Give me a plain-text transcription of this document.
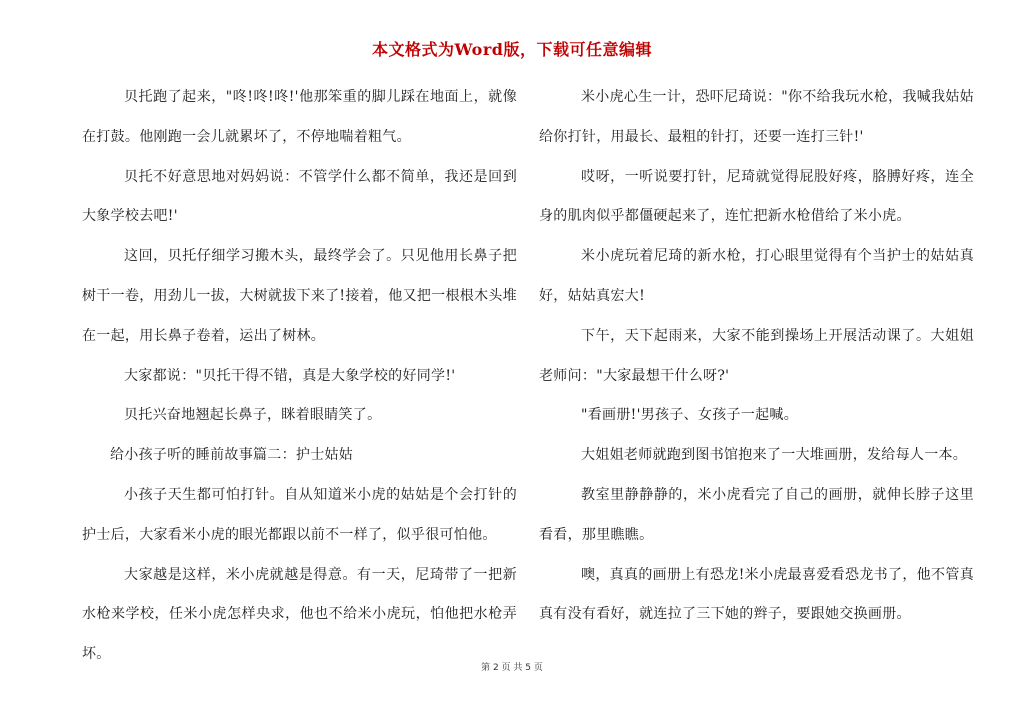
本文格式为Word版，下载可任意编辑

贝托跑了起来，"咚!咚!咚!'他那笨重的脚儿踩在地面上，就像在打鼓。他刚跑一会儿就累坏了，不停地喘着粗气。

贝托不好意思地对妈妈说：不管学什么都不简单，我还是回到大象学校去吧!'

这回，贝托仔细学习搬木头，最终学会了。只见他用长鼻子把树干一卷，用劲儿一拔，大树就拔下来了!接着，他又把一根根木头堆在一起，用长鼻子卷着，运出了树林。

大家都说："贝托干得不错，真是大象学校的好同学!'

贝托兴奋地翘起长鼻子，眯着眼睛笑了。

给小孩子听的睡前故事篇二：护士姑姑

小孩子天生都可怕打针。自从知道米小虎的姑姑是个会打针的护士后，大家看米小虎的眼光都跟以前不一样了，似乎很可怕他。

大家越是这样，米小虎就越是得意。有一天，尼琦带了一把新水枪来学校，任米小虎怎样央求，他也不给米小虎玩，怕他把水枪弄坏。

米小虎心生一计，恐吓尼琦说："你不给我玩水枪，我喊我姑姑给你打针，用最长、最粗的针打，还要一连打三针!'

哎呀，一听说要打针，尼琦就觉得屁股好疼，胳膊好疼，连全身的肌肉似乎都僵硬起来了，连忙把新水枪借给了米小虎。

米小虎玩着尼琦的新水枪，打心眼里觉得有个当护士的姑姑真好，姑姑真宏大!

下午，天下起雨来，大家不能到操场上开展活动课了。大姐姐老师问："大家最想干什么呀?'

"看画册!'男孩子、女孩子一起喊。

大姐姐老师就跑到图书馆抱来了一大堆画册，发给每人一本。

教室里静静静的，米小虎看完了自己的画册，就伸长脖子这里看看，那里瞧瞧。

噢，真真的画册上有恐龙!米小虎最喜爱看恐龙书了，他不管真真有没有看好，就连拉了三下她的辫子，要跟她交换画册。

第 2 页 共 5 页
